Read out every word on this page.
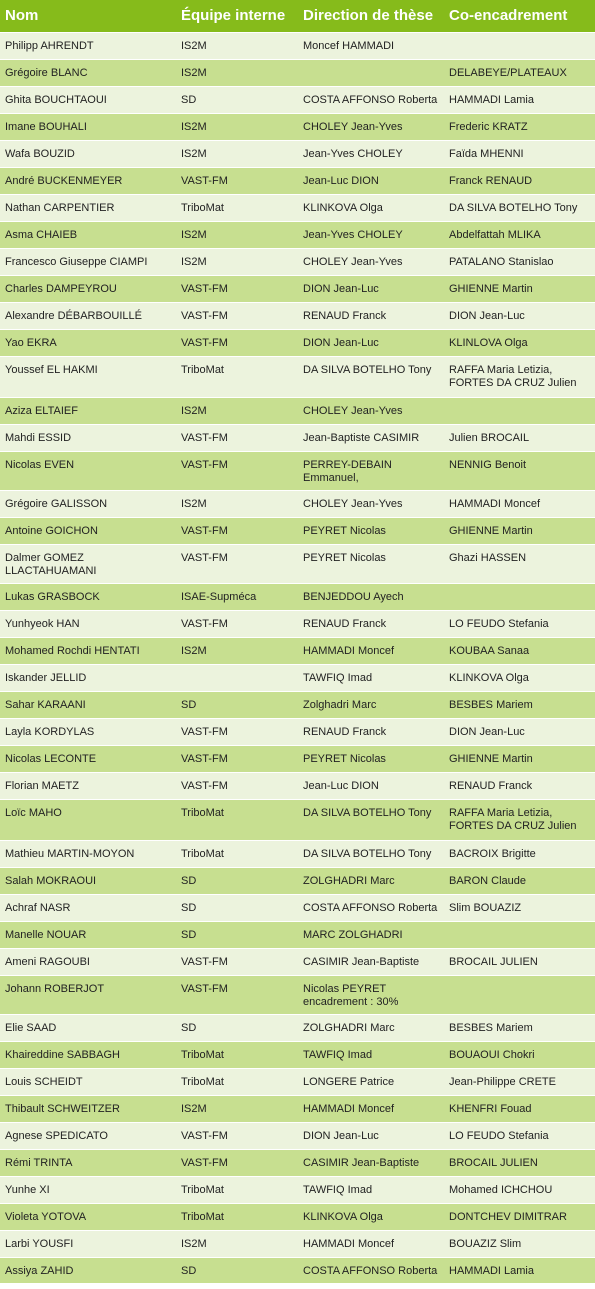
Nom	Équipe interne	Direction de thèse	Co-encadrement
Philipp AHRENDT	IS2M	Moncef HAMMADI	
Grégoire BLANC	IS2M		DELABEYE/PLATEAUX
Ghita BOUCHTAOUI	SD	COSTA AFFONSO Roberta	HAMMADI Lamia
Imane BOUHALI	IS2M	CHOLEY Jean-Yves	Frederic KRATZ
Wafa BOUZID	IS2M	Jean-Yves CHOLEY	Faïda MHENNI
André BUCKENMEYER	VAST-FM	Jean-Luc DION	Franck RENAUD
Nathan CARPENTIER	TriboMat	KLINKOVA Olga	DA SILVA BOTELHO Tony
Asma CHAIEB	IS2M	Jean-Yves CHOLEY	Abdelfattah MLIKA
Francesco Giuseppe CIAMPI	IS2M	CHOLEY Jean-Yves	PATALANO Stanislao
Charles DAMPEYROU	VAST-FM	DION Jean-Luc	GHIENNE Martin
Alexandre DÉBARBOUILLÉ	VAST-FM	RENAUD Franck	DION Jean-Luc
Yao EKRA	VAST-FM	DION Jean-Luc	KLINLOVA Olga
Youssef EL HAKMI	TriboMat	DA SILVA BOTELHO Tony	RAFFA Maria Letizia, FORTES DA CRUZ Julien
Aziza ELTAIEF	IS2M	CHOLEY Jean-Yves	
Mahdi ESSID	VAST-FM	Jean-Baptiste CASIMIR	Julien BROCAIL
Nicolas EVEN	VAST-FM	PERREY-DEBAIN Emmanuel,	NENNIG Benoit
Grégoire GALISSON	IS2M	CHOLEY Jean-Yves	HAMMADI Moncef
Antoine GOICHON	VAST-FM	PEYRET Nicolas	GHIENNE Martin
Dalmer GOMEZ LLACTAHUAMANI	VAST-FM	PEYRET Nicolas	Ghazi HASSEN
Lukas GRASBOCK	ISAE-Supméca	BENJEDDOU Ayech	
Yunhyeok HAN	VAST-FM	RENAUD Franck	LO FEUDO Stefania
Mohamed Rochdi HENTATI	IS2M	HAMMADI Moncef	KOUBAA Sanaa
Iskander JELLID		TAWFIQ Imad	KLINKOVA Olga
Sahar KARAANI	SD	Zolghadri Marc	BESBES Mariem
Layla KORDYLAS	VAST-FM	RENAUD Franck	DION Jean-Luc
Nicolas LECONTE	VAST-FM	PEYRET Nicolas	GHIENNE Martin
Florian MAETZ	VAST-FM	Jean-Luc DION	RENAUD Franck
Loïc MAHO	TriboMat	DA SILVA BOTELHO Tony	RAFFA Maria Letizia, FORTES DA CRUZ Julien
Mathieu MARTIN-MOYON	TriboMat	DA SILVA BOTELHO Tony	BACROIX Brigitte
Salah MOKRAOUI	SD	ZOLGHADRI Marc	BARON Claude
Achraf NASR	SD	COSTA AFFONSO Roberta	Slim BOUAZIZ
Manelle NOUAR	SD	MARC ZOLGHADRI	
Ameni RAGOUBI	VAST-FM	CASIMIR Jean-Baptiste	BROCAIL JULIEN
Johann ROBERJOT	VAST-FM	Nicolas PEYRET encadrement : 30%	
Elie SAAD	SD	ZOLGHADRI Marc	BESBES Mariem
Khaireddine SABBAGH	TriboMat	TAWFIQ Imad	BOUAOUI Chokri
Louis SCHEIDT	TriboMat	LONGERE Patrice	Jean-Philippe CRETE
Thibault SCHWEITZER	IS2M	HAMMADI Moncef	KHENFRI Fouad
Agnese SPEDICATO	VAST-FM	DION Jean-Luc	LO FEUDO Stefania
Rémi TRINTA	VAST-FM	CASIMIR Jean-Baptiste	BROCAIL JULIEN
Yunhe XI	TriboMat	TAWFIQ Imad	Mohamed ICHCHOU
Violeta YOTOVA	TriboMat	KLINKOVA Olga	DONTCHEV DIMITRAR
Larbi YOUSFI	IS2M	HAMMADI Moncef	BOUAZIZ Slim
Assiya ZAHID	SD	COSTA AFFONSO Roberta	HAMMADI Lamia
